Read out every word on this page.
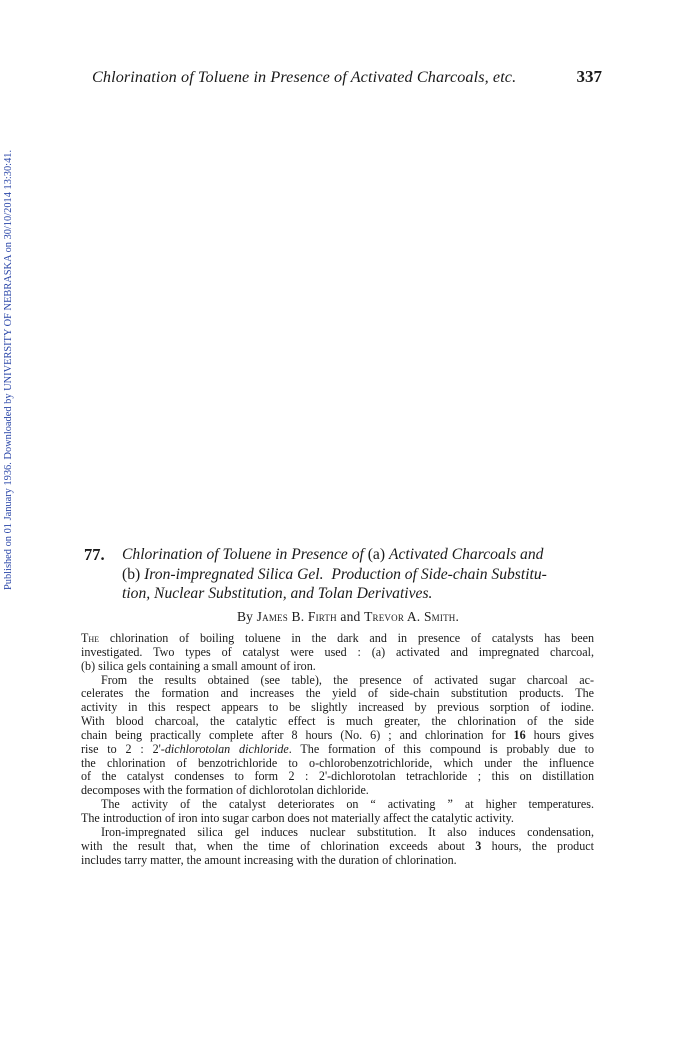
Chlorination of Toluene in Presence of Activated Charcoals, etc.	337
Published on 01 January 1936. Downloaded by UNIVERSITY OF NEBRASKA on 30/10/2014 13:30:41.	77. Chlorination of Toluene in Presence of (a) Activated Charcoals and
(b) Iron-impregnated Silica Gel.  Production of Side-chain Substitu-
tion, Nuclear Substitution, and Tolan Derivatives.
By James B. Firth and Trevor A. Smith.
The chlorination of boiling toluene in the dark and in presence of catalysts has been
investigated. Two types of catalyst were used : (a) activated and impregnated charcoal,
(b) silica gels containing a small amount of iron.
From the results obtained (see table), the presence of activated sugar charcoal ac-
celerates the formation and increases the yield of side-chain substitution products. The
activity in this respect appears to be slightly increased by previous sorption of iodine.
With blood charcoal, the catalytic effect is much greater, the chlorination of the side
chain being practically complete after 8 hours (No. 6) ; and chlorination for 16 hours gives
rise to 2 : 2'-dichlorotolan dichloride. The formation of this compound is probably due to
the chlorination of benzotrichloride to o-chlorobenzotrichloride, which under the influence
of the catalyst condenses to form 2 : 2'-dichlorotolan tetrachloride ; this on distillation
decomposes with the formation of dichlorotolan dichloride.
The activity of the catalyst deteriorates on “ activating ” at higher temperatures.
The introduction of iron into sugar carbon does not materially affect the catalytic activity.
Iron-impregnated silica gel induces nuclear substitution. It also induces condensation,
with the result that, when the time of chlorination exceeds about 3 hours, the product
includes tarry matter, the amount increasing with the duration of chlorination.
